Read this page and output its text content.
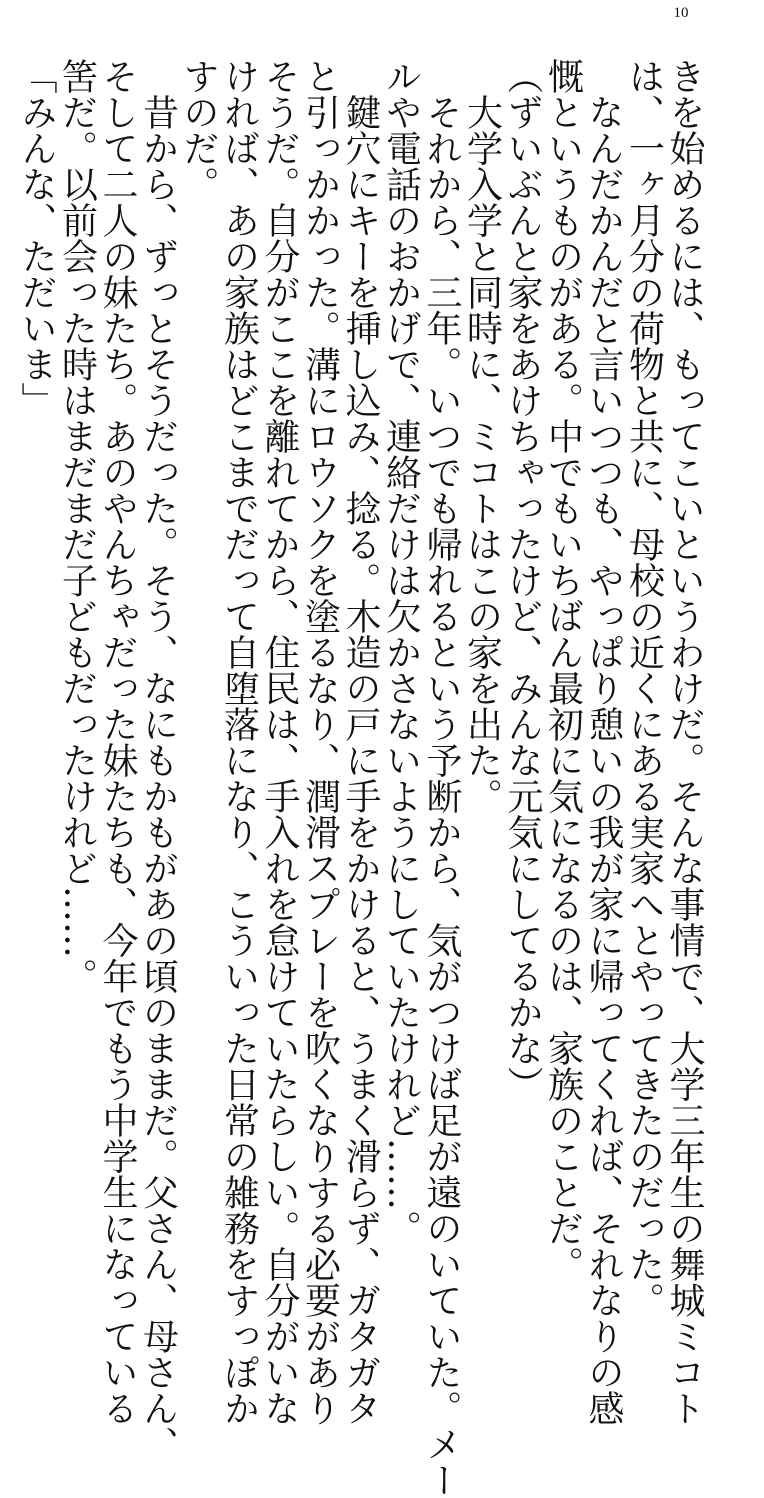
10
きを始めるには、もってこいというわけだ。そんな事情で、大学三年生の舞城ミコト
は、一ヶ月分の荷物と共に、母校の近くにある実家へとやってきたのだった。
　なんだかんだと言いつつも、やっぱり憩いの我が家に帰ってくれば、それなりの感
慨というものがある。中でもいちばん最初に気になるのは、家族のことだ。
（ずいぶんと家をあけちゃったけど、みんな元気にしてるかな）
　大学入学と同時に、ミコトはこの家を出た。
　それから、三年。いつでも帰れるという予断から、気がつけば足が遠のいていた。メー
ルや電話のおかげで、連絡だけは欠かさないようにしていたけれど……。
　鍵穴にキーを挿し込み、捻る。木造の戸に手をかけると、うまく滑らず、ガタガタ
と引っかかった。溝にロウソクを塗るなり、潤滑スプレーを吹くなりする必要があり
そうだ。自分がここを離れてから、住民は、手入れを怠けていたらしい。自分がいな
ければ、あの家族はどこまでだって自堕落になり、こういった日常の雑務をすっぽか
すのだ。
　昔から、ずっとそうだった。そう、なにもかもがあの頃のままだ。父さん、母さん、
そして二人の妹たち。あのやんちゃだった妹たちも、今年でもう中学生になっている
筈だ。以前会った時はまだまだ子どもだったけれど……。
「みんな、ただいま」
